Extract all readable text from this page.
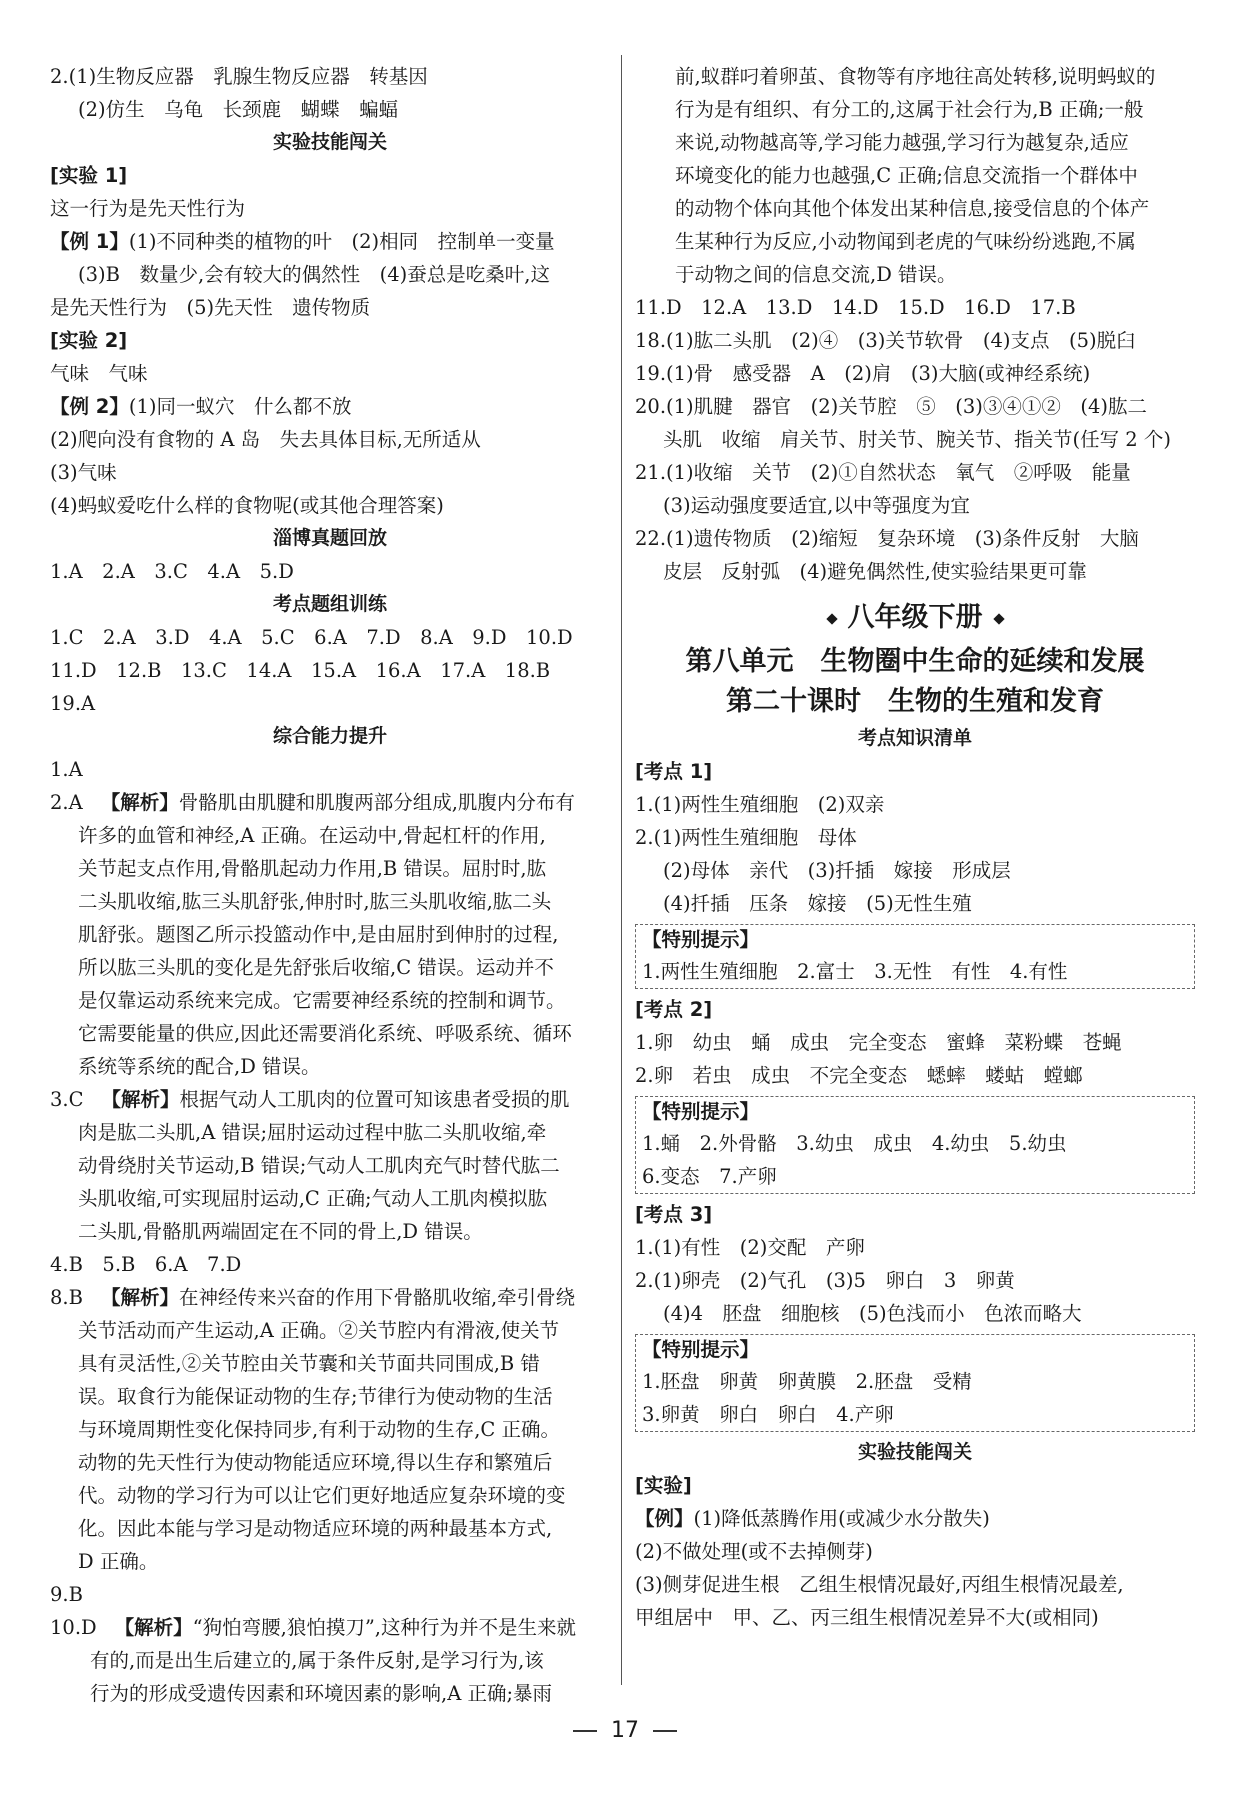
2.(1)生物反应器　乳腺生物反应器　转基因
(2)仿生　乌龟　长颈鹿　蝴蝶　蝙蝠
实验技能闯关
[实验 1]
这一行为是先天性行为
【例 1】(1)不同种类的植物的叶　(2)相同　控制单一变量
(3)B　数量少,会有较大的偶然性　(4)蚕总是吃桑叶,这
是先天性行为　(5)先天性　遗传物质
[实验 2]
气味　气味
【例 2】(1)同一蚁穴　什么都不放
(2)爬向没有食物的 A 岛　失去具体目标,无所适从
(3)气味
(4)蚂蚁爱吃什么样的食物呢(或其他合理答案)
淄博真题回放
1.A　2.A　3.C　4.A　5.D
考点题组训练
1.C　2.A　3.D　4.A　5.C　6.A　7.D　8.A　9.D　10.D
11.D　12.B　13.C　14.A　15.A　16.A　17.A　18.B
19.A
综合能力提升
1.A
2.A 【解析】骨骼肌由肌腱和肌腹两部分组成,肌腹内分布有
许多的血管和神经,A 正确。在运动中,骨起杠杆的作用,
关节起支点作用,骨骼肌起动力作用,B 错误。屈肘时,肱
二头肌收缩,肱三头肌舒张,伸肘时,肱三头肌收缩,肱二头
肌舒张。题图乙所示投篮动作中,是由屈肘到伸肘的过程,
所以肱三头肌的变化是先舒张后收缩,C 错误。运动并不
是仅靠运动系统来完成。它需要神经系统的控制和调节。
它需要能量的供应,因此还需要消化系统、呼吸系统、循环
系统等系统的配合,D 错误。
3.C 【解析】根据气动人工肌肉的位置可知该患者受损的肌
肉是肱二头肌,A 错误;屈肘运动过程中肱二头肌收缩,牵
动骨绕肘关节运动,B 错误;气动人工肌肉充气时替代肱二
头肌收缩,可实现屈肘运动,C 正确;气动人工肌肉模拟肱
二头肌,骨骼肌两端固定在不同的骨上,D 错误。
4.B　5.B　6.A　7.D
8.B 【解析】在神经传来兴奋的作用下骨骼肌收缩,牵引骨绕
关节活动而产生运动,A 正确。②关节腔内有滑液,使关节
具有灵活性,②关节腔由关节囊和关节面共同围成,B 错
误。取食行为能保证动物的生存;节律行为使动物的生活
与环境周期性变化保持同步,有利于动物的生存,C 正确。
动物的先天性行为使动物能适应环境,得以生存和繁殖后
代。动物的学习行为可以让它们更好地适应复杂环境的变
化。因此本能与学习是动物适应环境的两种最基本方式,
D 正确。
9.B
10.D 【解析】“狗怕弯腰,狼怕摸刀”,这种行为并不是生来就
有的,而是出生后建立的,属于条件反射,是学习行为,该
行为的形成受遗传因素和环境因素的影响,A 正确;暴雨
前,蚁群叼着卵茧、食物等有序地往高处转移,说明蚂蚁的
行为是有组织、有分工的,这属于社会行为,B 正确;一般
来说,动物越高等,学习能力越强,学习行为越复杂,适应
环境变化的能力也越强,C 正确;信息交流指一个群体中
的动物个体向其他个体发出某种信息,接受信息的个体产
生某种行为反应,小动物闻到老虎的气味纷纷逃跑,不属
于动物之间的信息交流,D 错误。
11.D　12.A　13.D　14.D　15.D　16.D　17.B
18.(1)肱二头肌　(2)④　(3)关节软骨　(4)支点　(5)脱臼
19.(1)骨　感受器　A　(2)肩　(3)大脑(或神经系统)
20.(1)肌腱　器官　(2)关节腔　⑤　(3)③④①②　(4)肱二
头肌　收缩　肩关节、肘关节、腕关节、指关节(任写 2 个)
21.(1)收缩　关节　(2)①自然状态　氧气　②呼吸　能量
(3)运动强度要适宜,以中等强度为宜
22.(1)遗传物质　(2)缩短　复杂环境　(3)条件反射　大脑
皮层　反射弧　(4)避免偶然性,使实验结果更可靠
八年级下册
第八单元　生物圈中生命的延续和发展
第二十课时　生物的生殖和发育
考点知识清单
[考点 1]
1.(1)两性生殖细胞　(2)双亲
2.(1)两性生殖细胞　母体
(2)母体　亲代　(3)扦插　嫁接　形成层
(4)扦插　压条　嫁接　(5)无性生殖
【特别提示】
1.两性生殖细胞　2.富士　3.无性　有性　4.有性
[考点 2]
1.卵　幼虫　蛹　成虫　完全变态　蜜蜂　菜粉蝶　苍蝇
2.卵　若虫　成虫　不完全变态　蟋蟀　蝼蛄　螳螂
【特别提示】
1.蛹　2.外骨骼　3.幼虫　成虫　4.幼虫　5.幼虫
6.变态　7.产卵
[考点 3]
1.(1)有性　(2)交配　产卵
2.(1)卵壳　(2)气孔　(3)5　卵白　3　卵黄
(4)4　胚盘　细胞核　(5)色浅而小　色浓而略大
【特别提示】
1.胚盘　卵黄　卵黄膜　2.胚盘　受精
3.卵黄　卵白　卵白　4.产卵
实验技能闯关
[实验]
【例】(1)降低蒸腾作用(或减少水分散失)
(2)不做处理(或不去掉侧芽)
(3)侧芽促进生根　乙组生根情况最好,丙组生根情况最差,
甲组居中　甲、乙、丙三组生根情况差异不大(或相同)
17
